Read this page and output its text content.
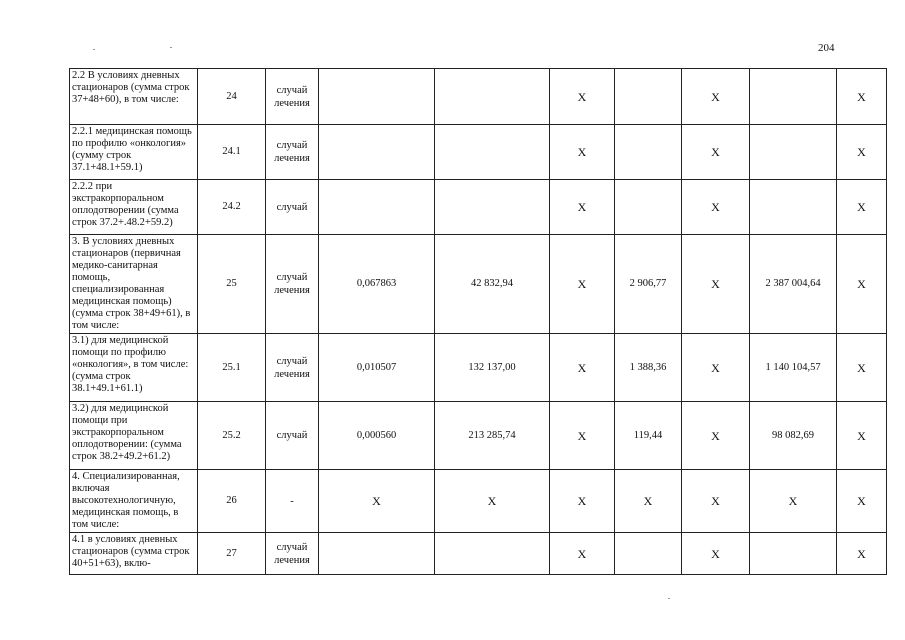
204
2.2 В условиях дневных стационаров (сумма строк 37+48+60), в том числе:	24	случай лечения			Х		Х		Х
2.2.1 медицинская помощь по профилю «онкология» (сумму строк 37.1+48.1+59.1)	24.1	случай лечения			Х		Х		Х
2.2.2 при экстракорпоральном оплодотворении (сумма строк 37.2+.48.2+59.2)	24.2	случай			Х		Х		Х
3. В условиях дневных стационаров (первичная медико-санитарная помощь, специализированная медицинская помощь) (сумма строк 38+49+61), в том числе:	25	случай лечения	0,067863	42 832,94	Х	2 906,77	Х	2 387 004,64	Х
3.1) для медицинской помощи по профилю «онкология», в том числе: (сумма строк 38.1+49.1+61.1)	25.1	случай лечения	0,010507	132 137,00	Х	1 388,36	Х	1 140 104,57	Х
3.2) для медицинской помощи при экстракорпоральном оплодотворении: (сумма строк 38.2+49.2+61.2)	25.2	случай	0,000560	213 285,74	Х	119,44	Х	98 082,69	Х
4. Специализированная, включая высокотехнологичную, медицинская помощь, в том числе:	26	-	Х	Х	Х	Х	Х	Х	Х
4.1 в условиях дневных стационаров (сумма строк 40+51+63), вклю-	27	случай лечения			Х		Х		Х
